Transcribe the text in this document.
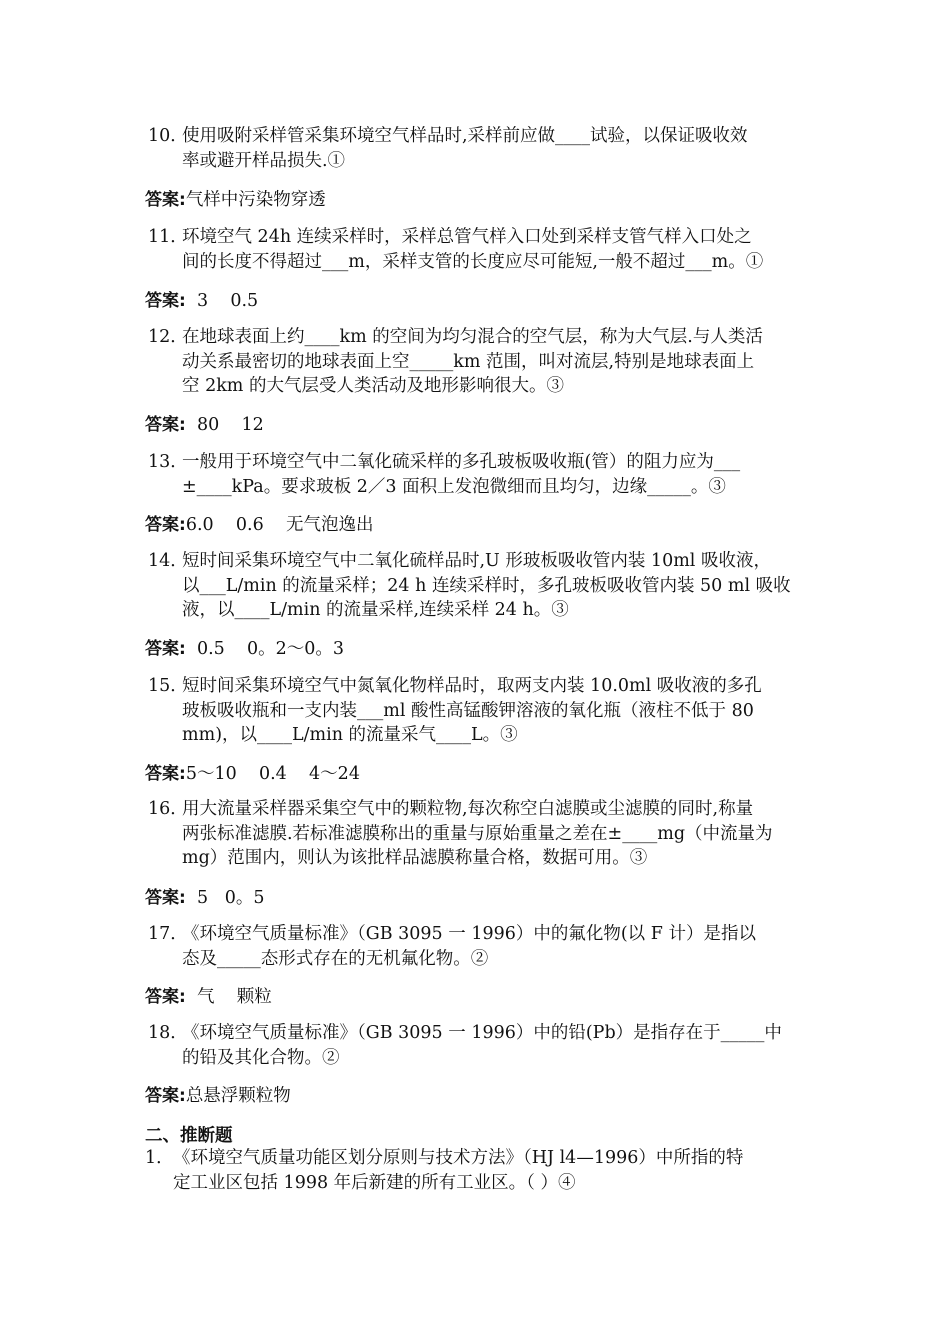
10．
使用吸附采样管采集环境空气样品时,采样前应做____试验，以保证吸收效
率或避开样品损失.①
答案:气样中污染物穿透
11．
环境空气 24h 连续采样时，采样总管气样入口处到采样支管气样入口处之
间的长度不得超过___m，采样支管的长度应尽可能短,一般不超过___m。①
答案:  3    0.5
12．
在地球表面上约____km 的空间为均匀混合的空气层，称为大气层.与人类活
动关系最密切的地球表面上空_____km 范围，叫对流层,特别是地球表面上
空 2km 的大气层受人类活动及地形影响很大。③
答案:  80    12
13．
一般用于环境空气中二氧化硫采样的多孔玻板吸收瓶(管）的阻力应为___
±____kPa。要求玻板 2／3 面积上发泡微细而且均匀，边缘_____。③
答案:6.0    0.6    无气泡逸出
14．
短时间采集环境空气中二氧化硫样品时,U 形玻板吸收管内装 10ml 吸收液，
以___L/min 的流量采样；24 h 连续采样时，多孔玻板吸收管内装 50 ml 吸收
液，以____L/min 的流量采样,连续采样 24 h。③
答案:  0.5    0。2～0。3
15．
短时间采集环境空气中氮氧化物样品时，取两支内装 10.0ml 吸收液的多孔
玻板吸收瓶和一支内装___ml 酸性高锰酸钾溶液的氧化瓶（液柱不低于 80
mm)，以____L/min 的流量采气____L。③
答案:5～10    0.4    4～24
16．
用大流量采样器采集空气中的颗粒物,每次称空白滤膜或尘滤膜的同时,称量
两张标准滤膜.若标准滤膜称出的重量与原始重量之差在±____mg（中流量为
mg）范围内，则认为该批样品滤膜称量合格，数据可用。③
答案:  5   0。5
17．
《环境空气质量标准》（GB 3095 一 1996）中的氟化物(以 F 计）是指以
态及_____态形式存在的无机氟化物。②
答案:  气    颗粒
18．
《环境空气质量标准》（GB 3095 一 1996）中的铅(Pb）是指存在于_____中
的铅及其化合物。②
答案:总悬浮颗粒物
二、推断题
1． 《环境空气质量功能区划分原则与技术方法》（HJ l4—1996）中所指的特
定工业区包括 1998 年后新建的所有工业区。（ ）④
